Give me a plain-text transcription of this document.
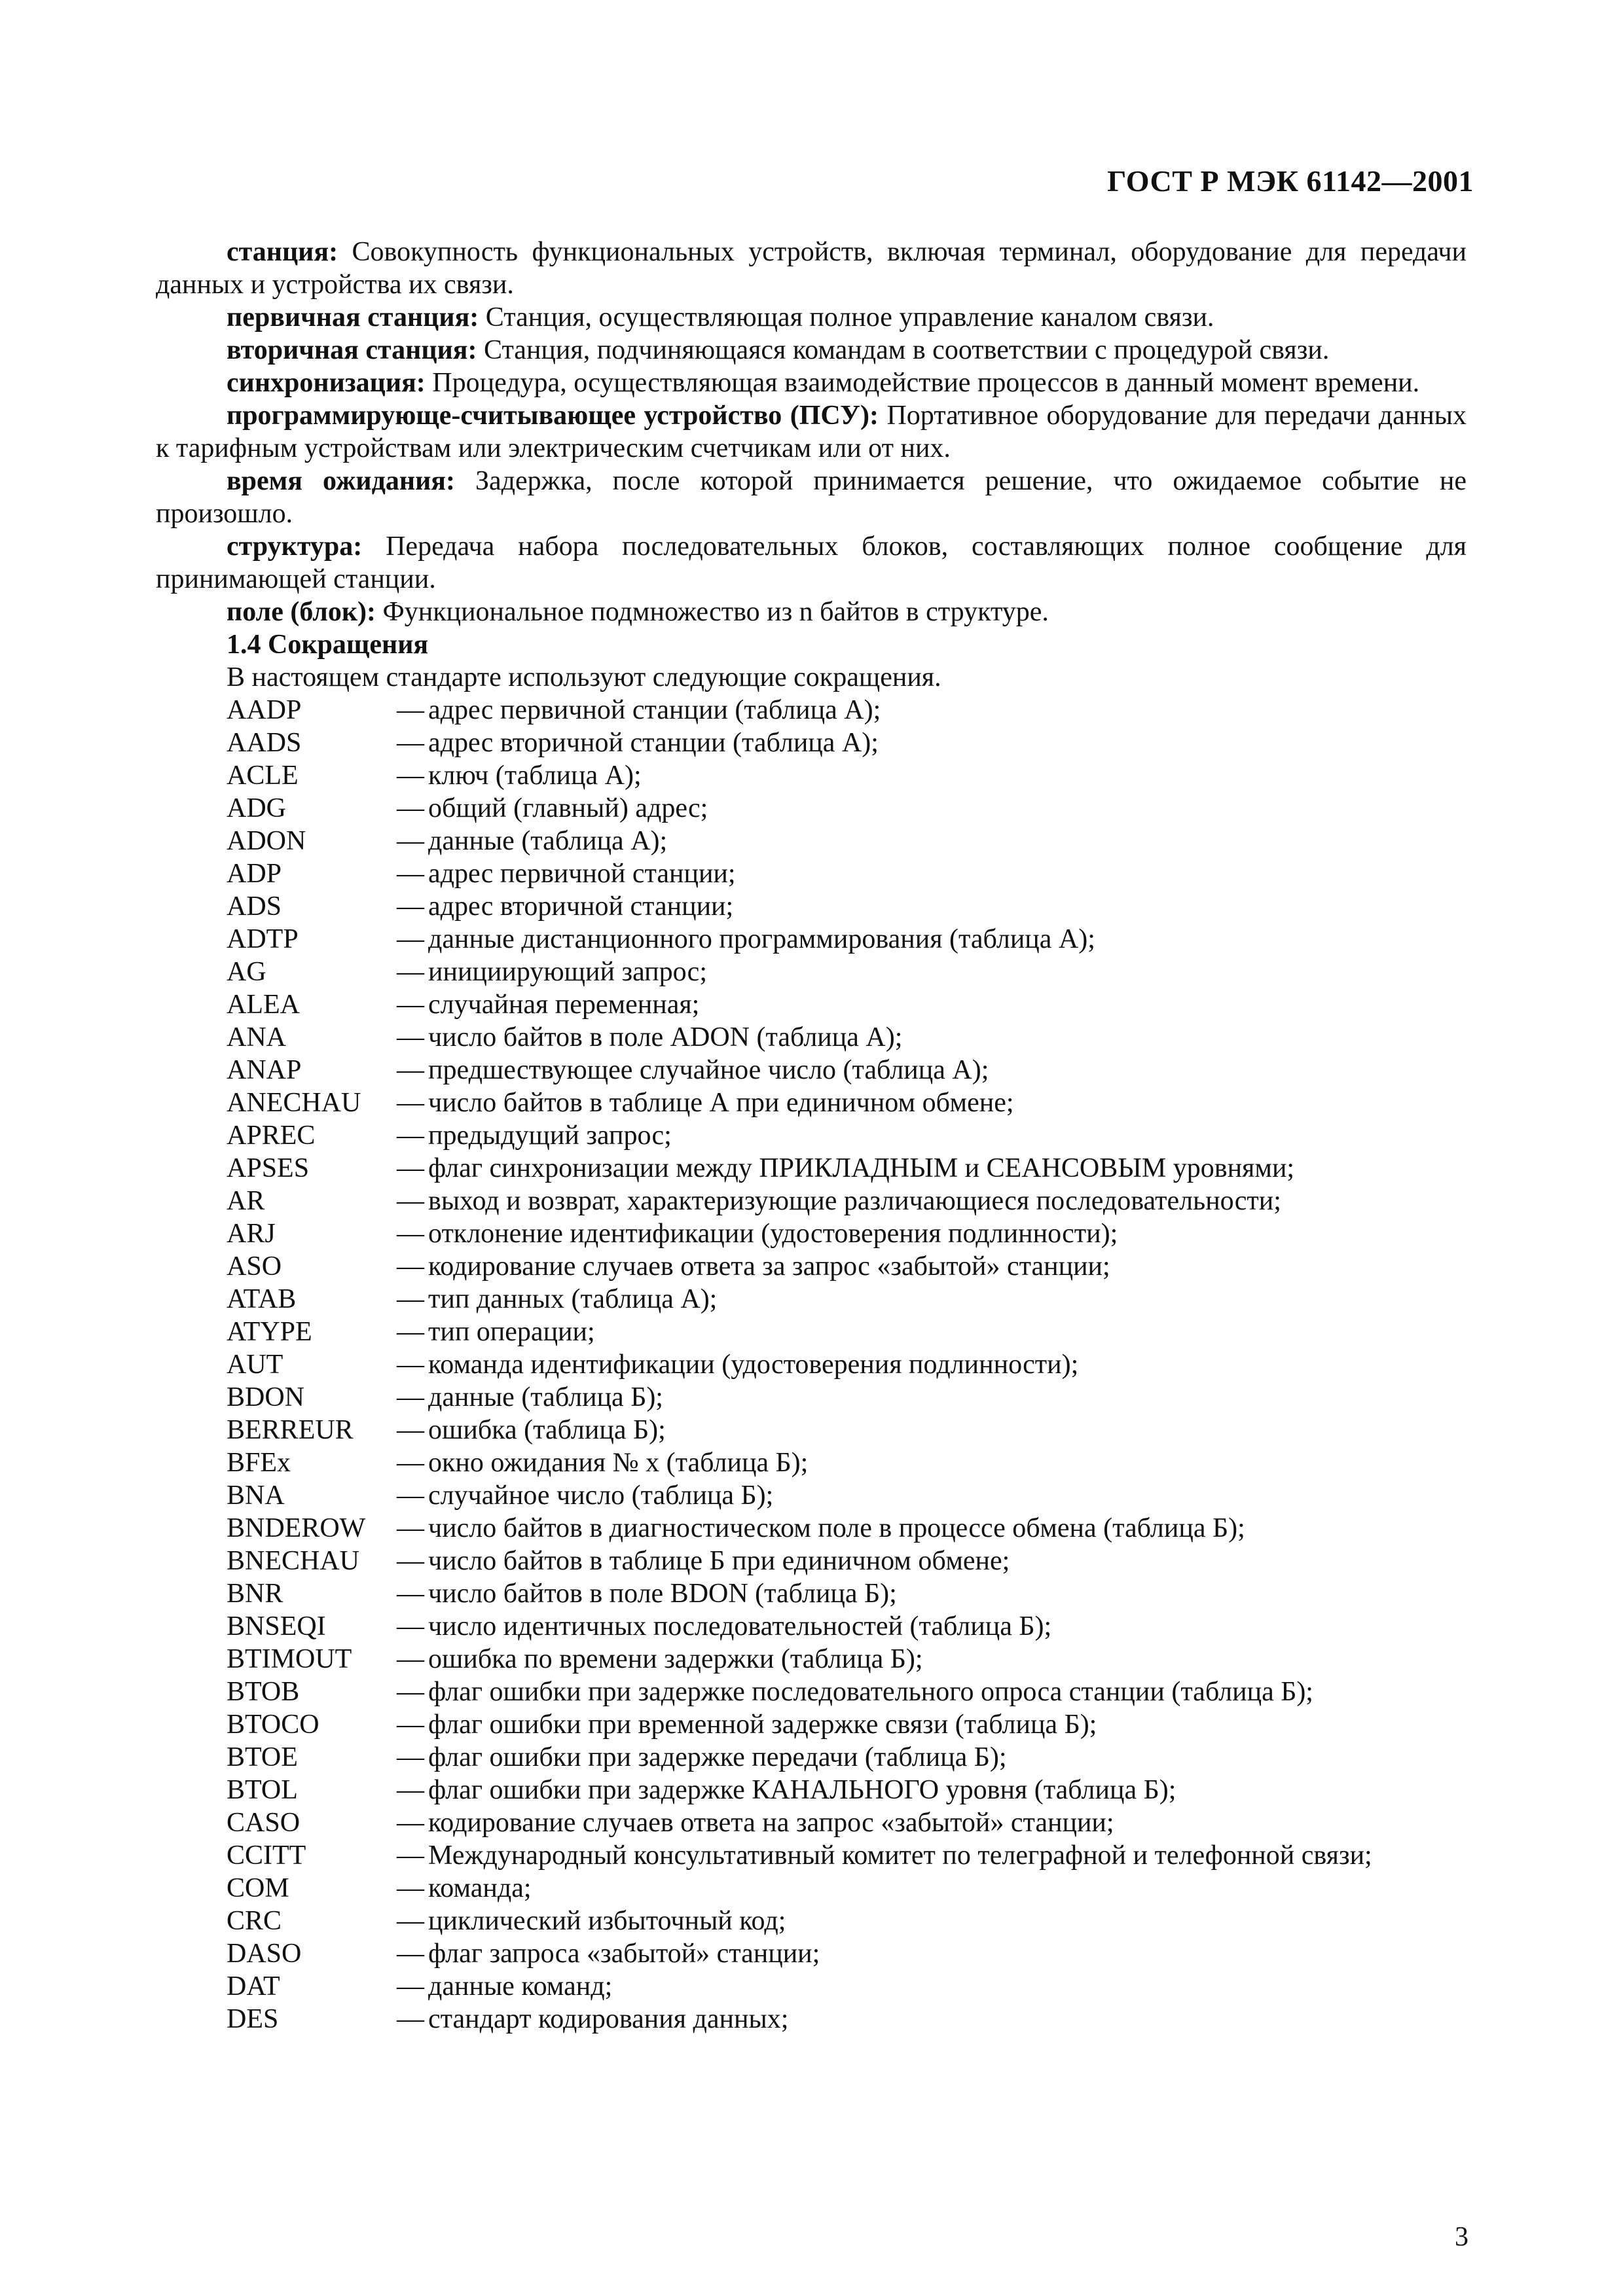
ГОСТ Р МЭК 61142—2001

станция: Совокупность функциональных устройств, включая терминал, оборудование для передачи данных и устройства их связи.

первичная станция: Станция, осуществляющая полное управление каналом связи.

вторичная станция: Станция, подчиняющаяся командам в соответствии с процедурой связи.

синхронизация: Процедура, осуществляющая взаимодействие процессов в данный момент времени.

программирующе-считывающее устройство (ПСУ): Портативное оборудование для передачи данных к тарифным устройствам или электрическим счетчикам или от них.

время ожидания: Задержка, после которой принимается решение, что ожидаемое событие не произошло.

структура: Передача набора последовательных блоков, составляющих полное сообщение для принимающей станции.

поле (блок): Функциональное подмножество из n байтов в структуре.

1.4 Сокращения
В настоящем стандарте используют следующие сокращения.
AADP	— адрес первичной станции (таблица А);
AADS	— адрес вторичной станции (таблица А);
ACLE	— ключ (таблица А);
ADG	— общий (главный) адрес;
ADON	— данные (таблица А);
ADP	— адрес первичной станции;
ADS	— адрес вторичной станции;
ADTP	— данные дистанционного программирования (таблица А);
AG	— инициирующий запрос;
ALEA	— случайная переменная;
ANA	— число байтов в поле ADON (таблица А);
ANAP	— предшествующее случайное число (таблица А);
ANECHAU	— число байтов в таблице А при единичном обмене;
APREC	— предыдущий запрос;
APSES	— флаг синхронизации между ПРИКЛАДНЫМ и СЕАНСОВЫМ уровнями;
AR	— выход и возврат, характеризующие различающиеся последовательности;
ARJ	— отклонение идентификации (удостоверения подлинности);
ASO	— кодирование случаев ответа за запрос «забытой» станции;
ATAB	— тип данных (таблица А);
ATYPE	— тип операции;
AUT	— команда идентификации (удостоверения подлинности);
BDON	— данные (таблица Б);
BERREUR	— ошибка (таблица Б);
BFEx	— окно ожидания № x (таблица Б);
BNA	— случайное число (таблица Б);
BNDEROW	— число байтов в диагностическом поле в процессе обмена (таблица Б);
BNECHAU	— число байтов в таблице Б при единичном обмене;
BNR	— число байтов в поле BDON (таблица Б);
BNSEQI	— число идентичных последовательностей (таблица Б);
BTIMOUT	— ошибка по времени задержки (таблица Б);
BTOB	— флаг ошибки при задержке последовательного опроса станции (таблица Б);
BTOCO	— флаг ошибки при временной задержке связи (таблица Б);
BTOE	— флаг ошибки при задержке передачи (таблица Б);
BTOL	— флаг ошибки при задержке КАНАЛЬНОГО уровня (таблица Б);
CASO	— кодирование случаев ответа на запрос «забытой» станции;
CCITT	— Международный консультативный комитет по телеграфной и телефонной связи;
COM	— команда;
CRC	— циклический избыточный код;
DASO	— флаг запроса «забытой» станции;
DAT	— данные команд;
DES	— стандарт кодирования данных;
3
